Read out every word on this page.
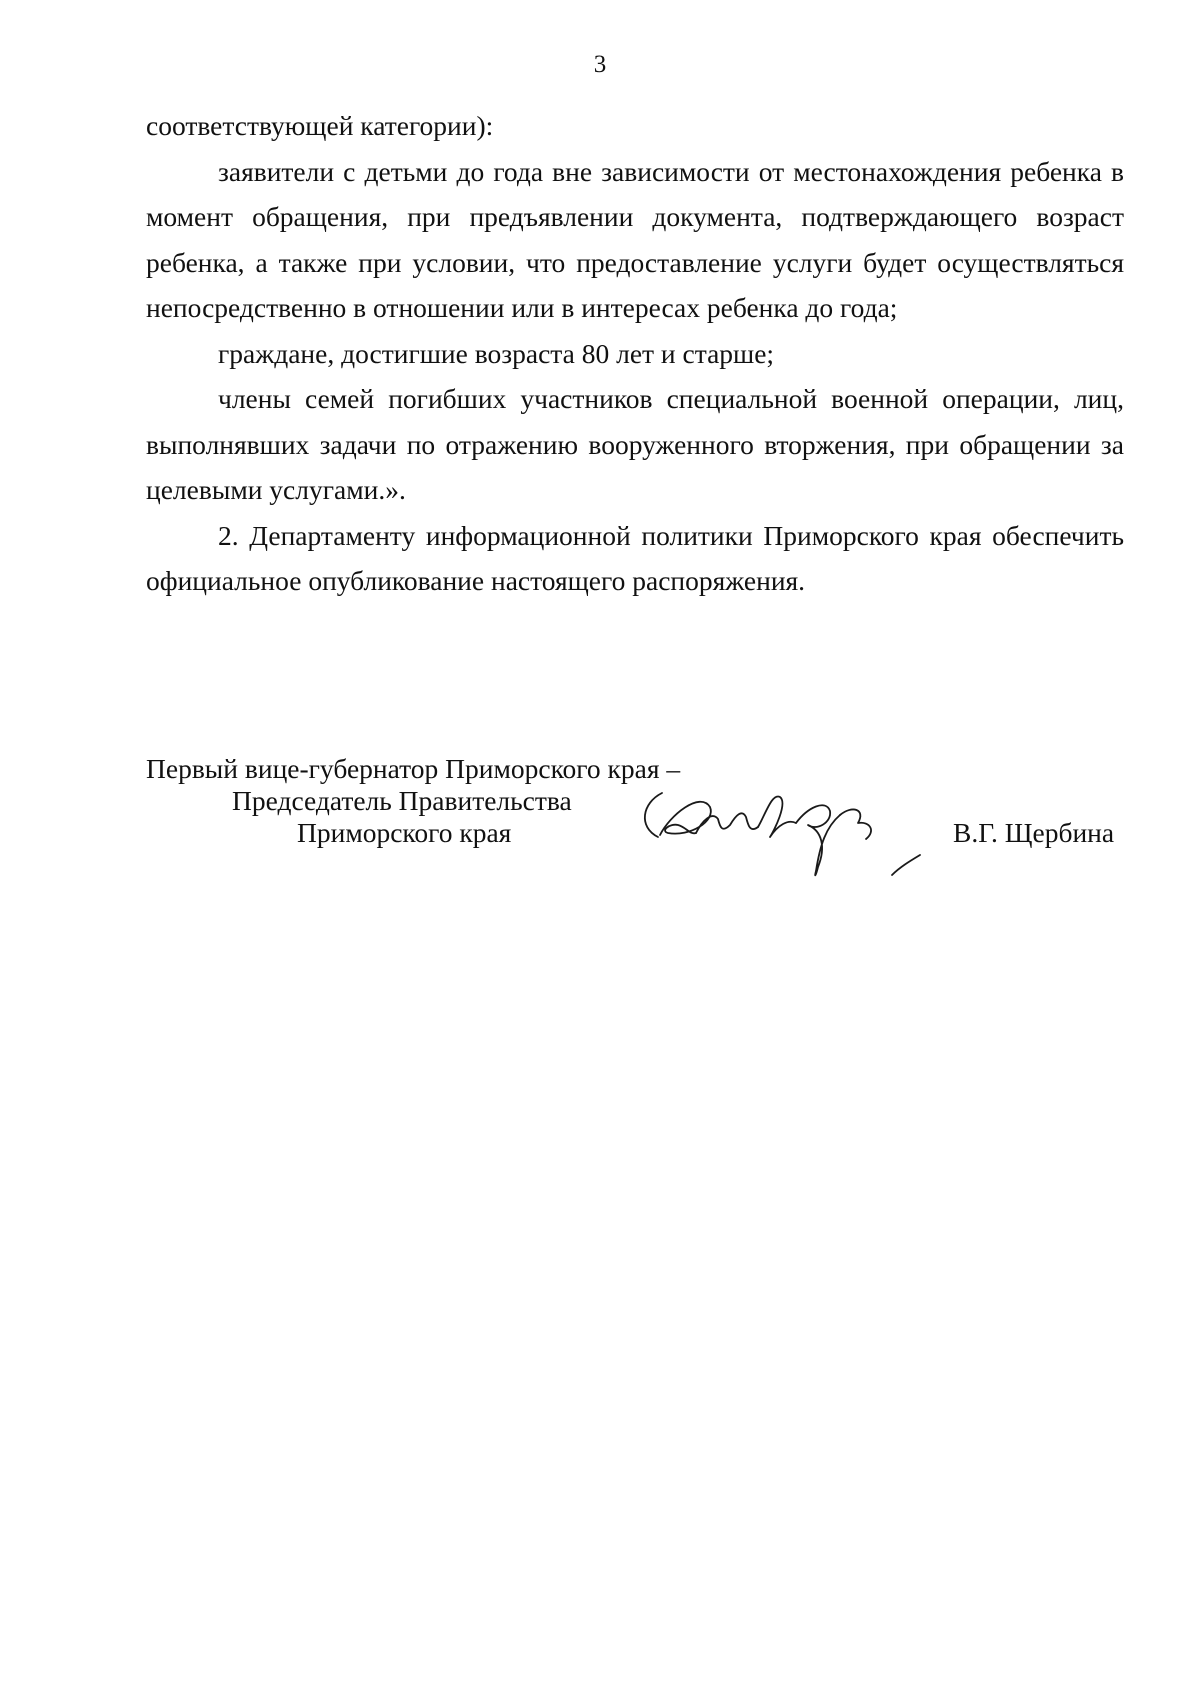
3

соответствующей категории):

заявители с детьми до года вне зависимости от местонахождения ребенка в момент обращения, при предъявлении документа, подтверждающего возраст ребенка, а также при условии, что предоставление услуги будет осуществляться непосредственно в отношении или в интересах ребенка до года;

граждане, достигшие возраста 80 лет и старше;

члены семей погибших участников специальной военной операции, лиц, выполнявших задачи по отражению вооруженного вторжения, при обращении за целевыми услугами.».

2. Департаменту информационной политики Приморского края обеспечить официальное опубликование настоящего распоряжения.

Первый вице-губернатор Приморского края –
Председатель Правительства
Приморского края	В.Г. Щербина
